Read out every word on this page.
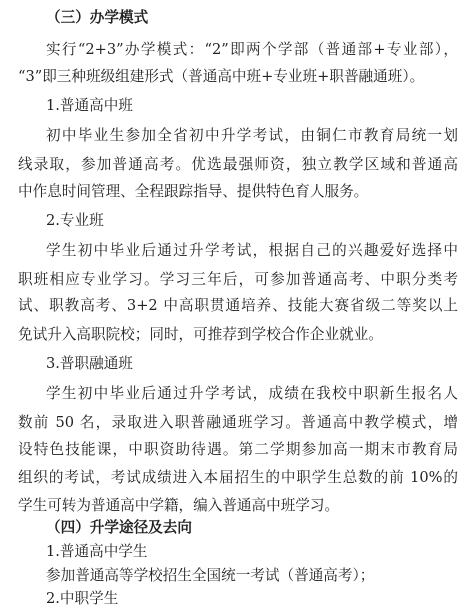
（三）办学模式
实行“2+3”办学模式：“2”即两个学部（普通部+专业部），
“3”即三种班级组建形式（普通高中班+专业班+职普融通班）。
1.普通高中班
初中毕业生参加全省初中升学考试，由铜仁市教育局统一划
线录取，参加普通高考。优选最强师资，独立教学区域和普通高
中作息时间管理、全程跟踪指导、提供特色育人服务。
2.专业班
学生初中毕业后通过升学考试，根据自己的兴趣爱好选择中
职班相应专业学习。学习三年后，可参加普通高考、中职分类考
试、职教高考、3+2 中高职贯通培养、技能大赛省级二等奖以上
免试升入高职院校；同时，可推荐到学校合作企业就业。
3.普职融通班
学生初中毕业后通过升学考试，成绩在我校中职新生报名人
数前 50 名，录取进入职普融通班学习。普通高中教学模式，增
设特色技能课，中职资助待遇。第二学期参加高一期末市教育局
组织的考试，考试成绩进入本届招生的中职学生总数的前 10%的
学生可转为普通高中学籍，编入普通高中班学习。
（四）升学途径及去向
1.普通高中学生
参加普通高等学校招生全国统一考试（普通高考）；
2.中职学生
